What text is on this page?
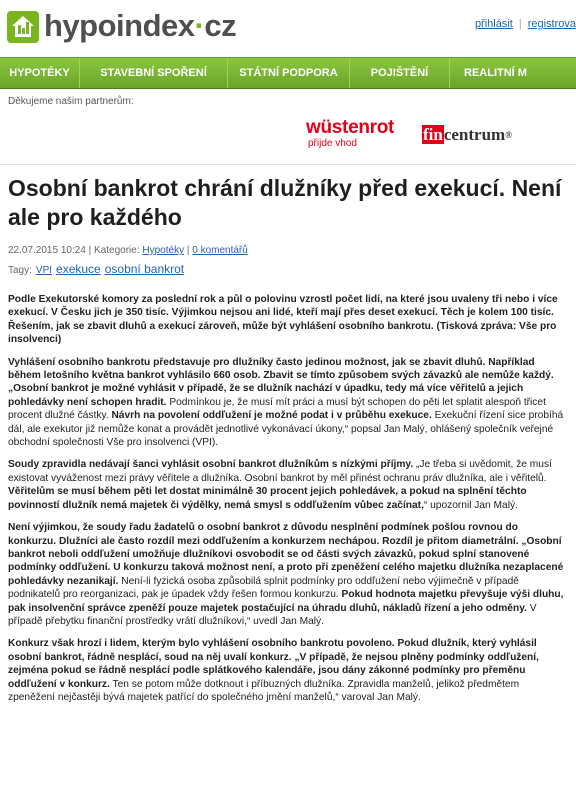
hypoindex·cz	přihlásit | registrova
HYPOTÉKY	STAVEBNÍ SPOŘENÍ	STÁTNÍ PODPORA	POJIŠTĚNÍ	REALITNÍ M
Děkujeme našim partnerům:
wüstenrot
přijde vhod	fincentrum®
Osobní bankrot chrání dlužníky před exekucí. Není ale pro každého
22.07.2015 10:24 | Kategorie: Hypotéky | 0 komentářů
Tagy: VPI exekuce osobní bankrot

Podle Exekutorské komory za poslední rok a půl o polovinu vzrostl počet lidí, na které jsou uvaleny tři nebo i více exekucí. V Česku jich je 350 tisíc. Výjimkou nejsou ani lidé, kteří mají přes deset exekucí. Těch je kolem 100 tisíc. Řešením, jak se zbavit dluhů a exekucí zároveň, může být vyhlášení osobního bankrotu. (Tisková zpráva: Vše pro insolvenci)

Vyhlášení osobního bankrotu představuje pro dlužníky často jedinou možnost, jak se zbavit dluhů. Například během letošního května bankrot vyhlásilo 660 osob. Zbavit se tímto způsobem svých závazků ale nemůže každý. „Osobní bankrot je možné vyhlásit v případě, že se dlužník nachází v úpadku, tedy má více věřitelů a jejich pohledávky není schopen hradit. Podmínkou je, že musí mít práci a musí být schopen do pěti let splatit alespoň třicet procent dlužné částky. Návrh na povolení oddľužení je možné podat i v průběhu exekuce. Exekuční řízení sice probíhá dál, ale exekutor již nemůže konat a provádět jednotlivé vykonávací úkony,“ popsal Jan Malý, ohlášený společník veřejné obchodní společnosti Vše pro insolvenci (VPI).

Soudy zpravidla nedávají šanci vyhlásit osobní bankrot dlužníkům s nízkými příjmy. „Je třeba si uvědomit, že musí existovat vyváženost mezi právy věřitele a dlužníka. Osobní bankrot by měl přinést ochranu práv dlužníka, ale i věřitelů. Věřitelům se musí během pěti let dostat minimálně 30 procent jejich pohledávek, a pokud na splnění těchto povinností dlužník nemá majetek či výdělky, nemá smysl s oddľužením vůbec začínat,“ upozornil Jan Malý.

Není výjimkou, že soudy řadu žadatelů o osobní bankrot z důvodu nesplnění podmínek pošlou rovnou do konkurzu. Dlužníci ale často rozdíl mezi oddľužením a konkurzem nechápou. Rozdíl je přitom diametrální. „Osobní bankrot neboli oddľužení umožňuje dlužníkovi osvobodit se od části svých závazků, pokud splní stanovené podmínky oddľužení. U konkurzu taková možnost není, a proto při zpeněžení celého majetku dlužníka nezaplacené pohledávky nezanikají. Není-li fyzická osoba způsobilá splnit podmínky pro oddľužení nebo výjimečně v případě podnikatelů pro reorganizaci, pak je úpadek vždy řešen formou konkurzu. Pokud hodnota majetku převyšuje výši dluhu, pak insolvenční správce zpeněží pouze majetek postačující na úhradu dluhů, nákladů řízení a jeho odměny. V případě přebytku finanční prostředky vrátí dlužníkovi,“ uvedl Jan Malý.

Konkurz však hrozí i lidem, kterým bylo vyhlášení osobního bankrotu povoleno. Pokud dlužník, který vyhlásil osobní bankrot, řádně nesplácí, soud na něj uvalí konkurz. „V případě, že nejsou plněny podmínky oddľužení, zejména pokud se řádně nesplácí podle splátkového kalendáře, jsou dány zákonné podmínky pro přeměnu oddľužení v konkurz. Ten se potom může dotknout i příbuzných dlužníka. Zpravidla manželů, jelikož předmětem zpeněžení nejčastěji bývá majetek patřící do společného jmění manželů,“ varoval Jan Malý.
